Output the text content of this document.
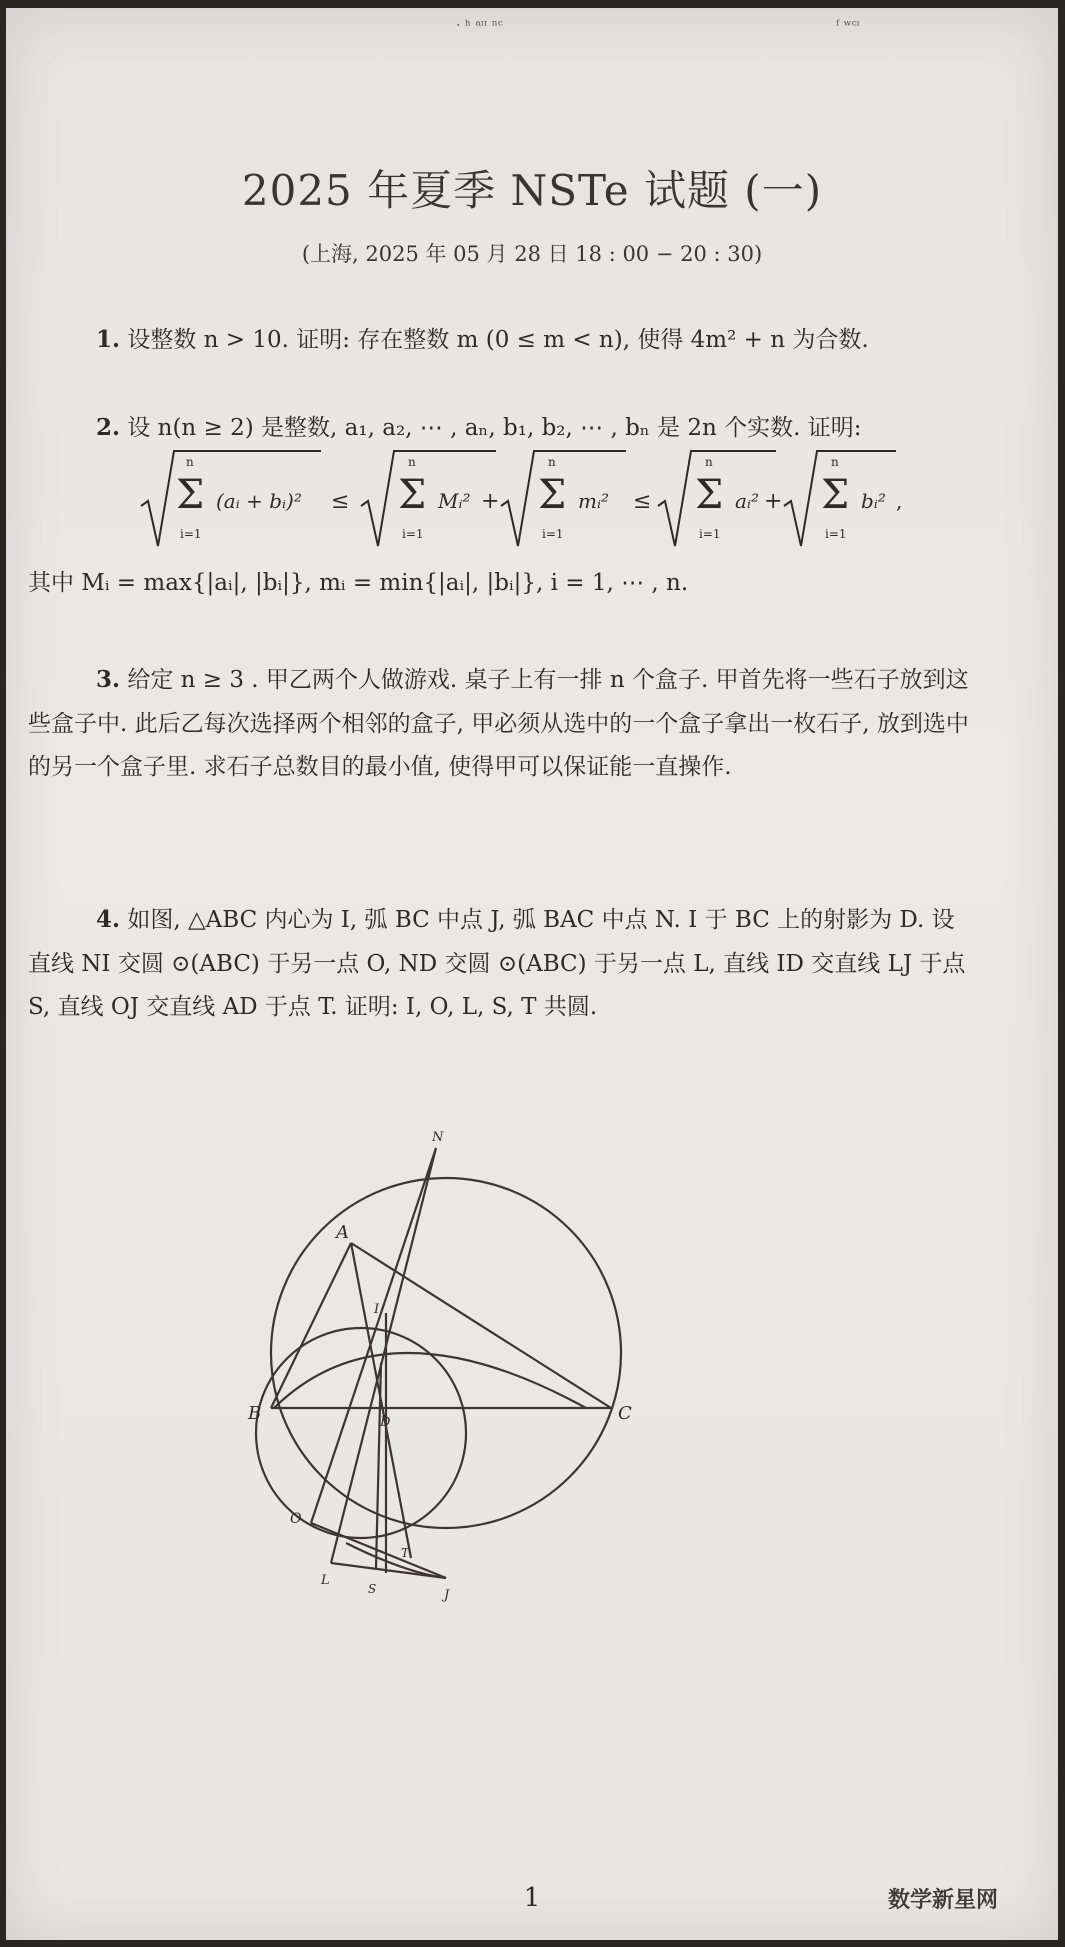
‧ ʰ ᵃᶦᶦ ⁿᶜ	ᶠ ʷᶜᶦ
2025 年夏季 NSTe 试题 (一)
(上海, 2025 年 05 月 28 日 18 : 00 − 20 : 30)
1. 设整数 n > 10. 证明: 存在整数 m (0 ≤ m < n), 使得 4m² + n 为合数.
2. 设 n(n ≥ 2) 是整数, a₁, a₂, ⋯ , aₙ, b₁, b₂, ⋯ , bₙ 是 2n 个实数. 证明:
Σ
n
i=1
(aᵢ + bᵢ)² ≤ Σ
n
i=1
Mᵢ² + Σ
n
i=1
mᵢ² ≤ Σ
n
i=1
aᵢ² + Σ
n
i=1
bᵢ² ,
其中 Mᵢ = max{|aᵢ|, |bᵢ|}, mᵢ = min{|aᵢ|, |bᵢ|}, i = 1, ⋯ , n.
3. 给定 n ≥ 3 . 甲乙两个人做游戏. 桌子上有一排 n 个盒子. 甲首先将一些石子放到这些盒子中. 此后乙每次选择两个相邻的盒子, 甲必须从选中的一个盒子拿出一枚石子, 放到选中的另一个盒子里. 求石子总数目的最小值, 使得甲可以保证能一直操作.
4. 如图, △ABC 内心为 I, 弧 BC 中点 J, 弧 BAC 中点 N. I 于 BC 上的射影为 D. 设直线 NI 交圆 ⊙(ABC) 于另一点 O, ND 交圆 ⊙(ABC) 于另一点 L, 直线 ID 交直线 LJ 于点 S, 直线 OJ 交直线 AD 于点 T. 证明: I, O, L, S, T 共圆.
A
N
B	C
I
D
O
L
S
T
J
1	数学新星网
